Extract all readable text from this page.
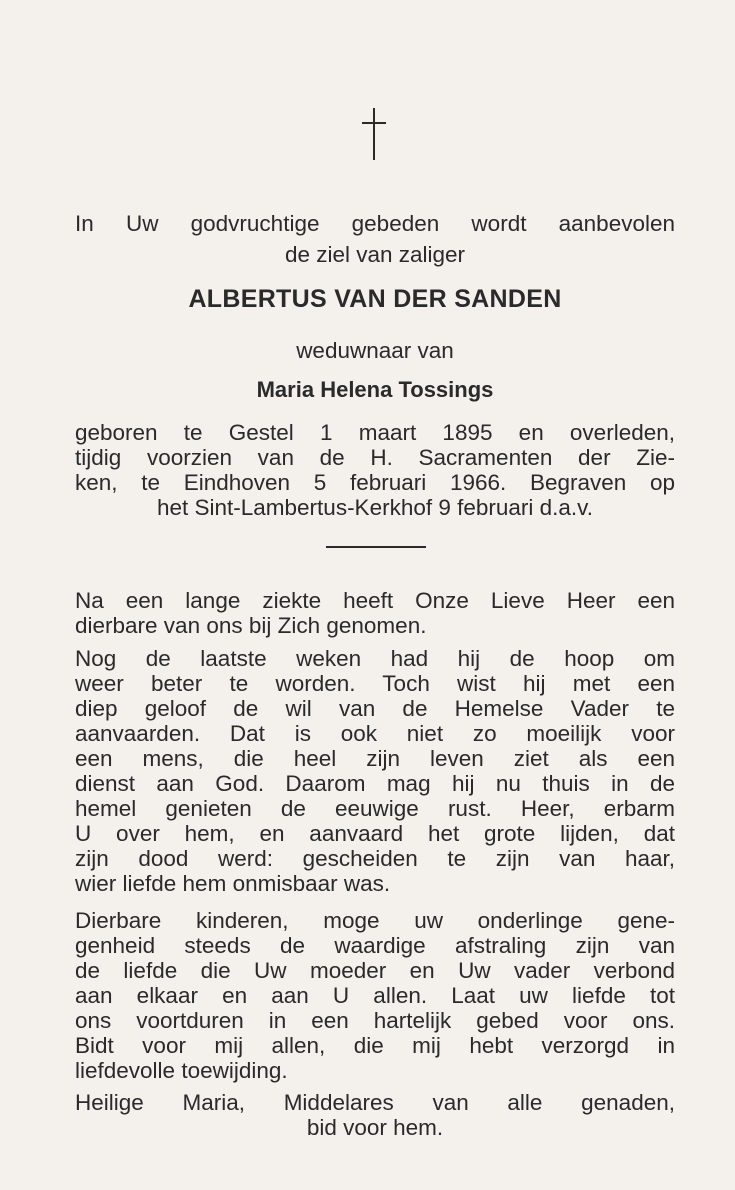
In Uw godvruchtige gebeden wordt aanbevolen
de ziel van zaliger
ALBERTUS VAN DER SANDEN
weduwnaar van
Maria Helena Tossings
geboren te Gestel 1 maart 1895 en overleden,
tijdig voorzien van de H. Sacramenten der Zie-
ken, te Eindhoven 5 februari 1966. Begraven op
het Sint-Lambertus-Kerkhof 9 februari d.a.v.
Na een lange ziekte heeft Onze Lieve Heer een
dierbare van ons bij Zich genomen.
Nog de laatste weken had hij de hoop om
weer beter te worden. Toch wist hij met een
diep geloof de wil van de Hemelse Vader te
aanvaarden. Dat is ook niet zo moeilijk voor
een mens, die heel zijn leven ziet als een
dienst aan God. Daarom mag hij nu thuis in de
hemel genieten de eeuwige rust. Heer, erbarm
U over hem, en aanvaard het grote lijden, dat
zijn dood werd: gescheiden te zijn van haar,
wier liefde hem onmisbaar was.
Dierbare kinderen, moge uw onderlinge gene-
genheid steeds de waardige afstraling zijn van
de liefde die Uw moeder en Uw vader verbond
aan elkaar en aan U allen. Laat uw liefde tot
ons voortduren in een hartelijk gebed voor ons.
Bidt voor mij allen, die mij hebt verzorgd in
liefdevolle toewijding.
Heilige Maria, Middelares van alle genaden,
bid voor hem.
